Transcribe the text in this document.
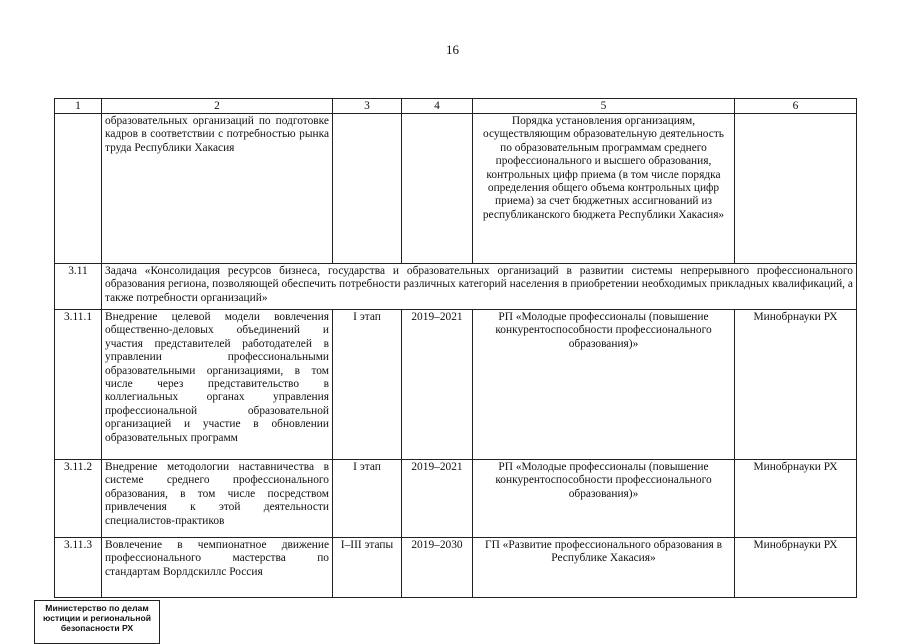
16
1	2	3	4	5	6
	образовательных организаций по подготовке кадров в соответствии с потребностью рынка труда Республики Хакасия			Порядка установления организациям, осуществляющим образовательную деятельность по образовательным программам среднего профессионального и высшего образования, контрольных цифр приема (в том числе порядка определения общего объема контрольных цифр приема) за счет бюджетных ассигнований из республиканского бюджета Республики Хакасия»	
3.11	Задача «Консолидация ресурсов бизнеса, государства и образовательных организаций в развитии системы непрерывного профессионального образования региона, позволяющей обеспечить потребности различных категорий населения в приобретении необходимых прикладных квалификаций, а также потребности организаций»				
3.11.1	Внедрение целевой модели вовлечения общественно-деловых объединений и участия представителей работодателей в управлении профессиональными образовательными организациями, в том числе через представительство в коллегиальных органах управления профессиональной образовательной организацией и участие в обновлении образовательных программ	I этап	2019–2021	РП «Молодые профессионалы (повышение конкурентоспособности профессионального образования)»	Минобрнауки РХ
3.11.2	Внедрение методологии наставничества в системе среднего профессионального образования, в том числе посредством привлечения к этой деятельности специалистов-практиков	I этап	2019–2021	РП «Молодые профессионалы (повышение конкурентоспособности профессионального образования)»	Минобрнауки РХ
3.11.3	Вовлечение в чемпионатное движение профессионального мастерства по стандартам Ворлдскиллс Россия	I–III этапы	2019–2030	ГП «Развитие профессионального образования в Республике Хакасия»	Минобрнауки РХ
Министерство по делам
юстиции и региональной
безопасности РХ
